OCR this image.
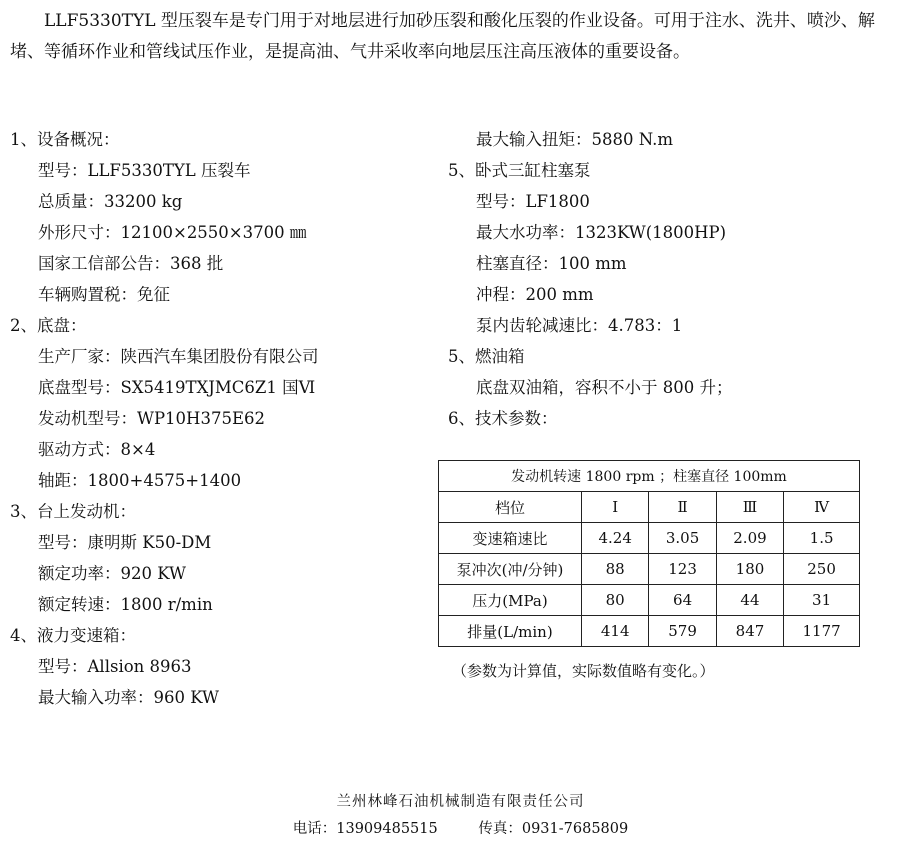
LLF5330TYL 型压裂车是专门用于对地层进行加砂压裂和酸化压裂的作业设备。可用于注水、洗井、喷沙、解堵、等循环作业和管线试压作业，是提高油、气井采收率向地层压注高压液体的重要设备。

1、设备概况：
型号：LLF5330TYL 压裂车
总质量：33200 kg
外形尺寸：12100×2550×3700 ㎜
国家工信部公告：368 批
车辆购置税：免征
2、底盘：
生产厂家：陕西汽车集团股份有限公司
底盘型号：SX5419TXJMC6Z1 国Ⅵ
发动机型号：WP10H375E62
驱动方式：8×4
轴距：1800+4575+1400
3、台上发动机：
型号：康明斯 K50-DM
额定功率：920 KW
额定转速：1800 r/min
4、液力变速箱：
型号：Allsion 8963
最大输入功率：960 KW
最大输入扭矩：5880 N.m
5、卧式三缸柱塞泵
型号：LF1800
最大水功率：1323KW(1800HP)
柱塞直径：100 mm
冲程：200 mm
泵内齿轮减速比：4.783：1
5、燃油箱
底盘双油箱，容积不小于 800 升；
6、技术参数：
发动机转速 1800 rpm ；柱塞直径 100mm				
档位	Ⅰ	Ⅱ	Ⅲ	Ⅳ
变速箱速比	4.24	3.05	2.09	1.5
泵冲次(冲/分钟)	88	123	180	250
压力(MPa)	80	64	44	31
排量(L/min)	414	579	847	1177
（参数为计算值，实际数值略有变化。）
兰州林峰石油机械制造有限责任公司
电话：13909485515	传真：0931-7685809
